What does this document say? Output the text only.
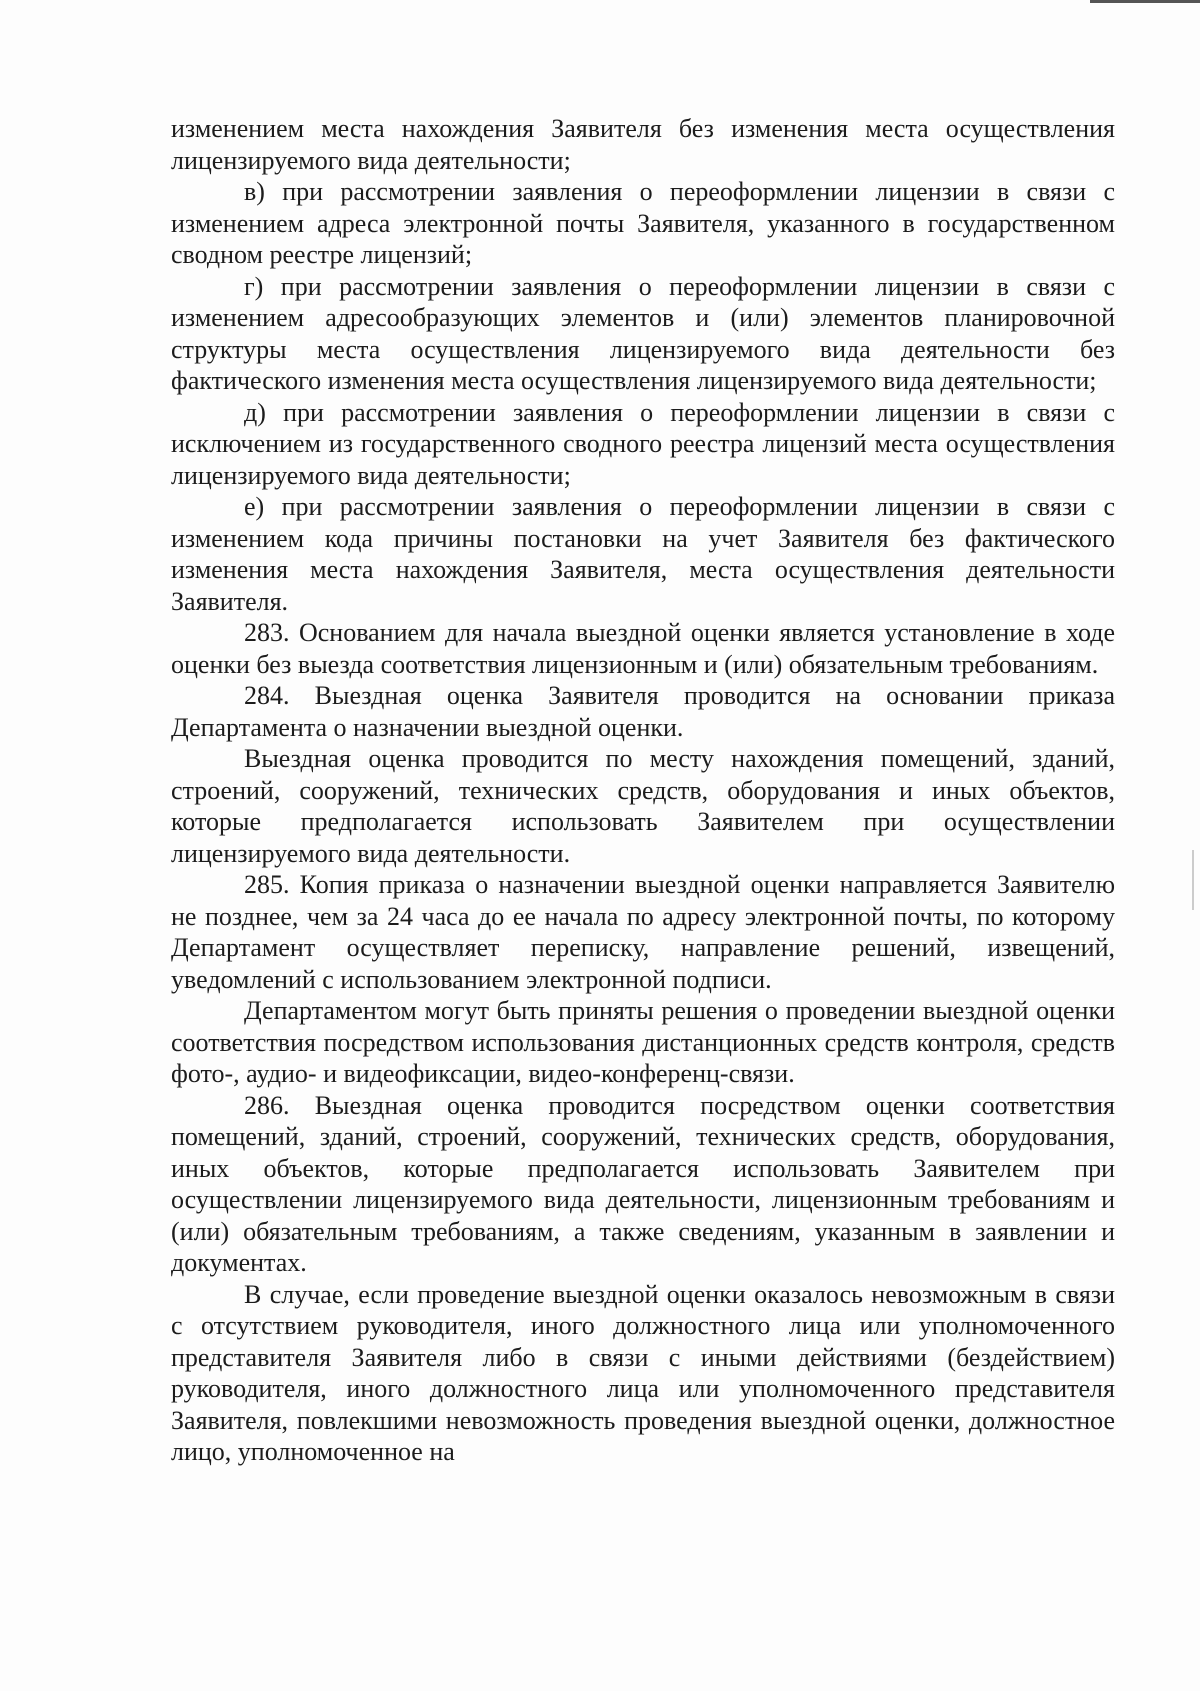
изменением места нахождения Заявителя без изменения места осуществления лицензируемого вида деятельности;

в) при рассмотрении заявления о переоформлении лицензии в связи с изменением адреса электронной почты Заявителя, указанного в государственном сводном реестре лицензий;

г) при рассмотрении заявления о переоформлении лицензии в связи с изменением адресообразующих элементов и (или) элементов планировочной структуры места осуществления лицензируемого вида деятельности без фактического изменения места осуществления лицензируемого вида деятельности;

д) при рассмотрении заявления о переоформлении лицензии в связи с исключением из государственного сводного реестра лицензий места осуществления лицензируемого вида деятельности;

е) при рассмотрении заявления о переоформлении лицензии в связи с изменением кода причины постановки на учет Заявителя без фактического изменения места нахождения Заявителя, места осуществления деятельности Заявителя.

283. Основанием для начала выездной оценки является установление в ходе оценки без выезда соответствия лицензионным и (или) обязательным требованиям.

284. Выездная оценка Заявителя проводится на основании приказа Департамента о назначении выездной оценки.

Выездная оценка проводится по месту нахождения помещений, зданий, строений, сооружений, технических средств, оборудования и иных объектов, которые предполагается использовать Заявителем при осуществлении лицензируемого вида деятельности.

285. Копия приказа о назначении выездной оценки направляется Заявителю не позднее, чем за 24 часа до ее начала по адресу электронной почты, по которому Департамент осуществляет переписку, направление решений, извещений, уведомлений с использованием электронной подписи.

Департаментом могут быть приняты решения о проведении выездной оценки соответствия посредством использования дистанционных средств контроля, средств фото-, аудио- и видеофиксации, видео-конференц-связи.

286. Выездная оценка проводится посредством оценки соответствия помещений, зданий, строений, сооружений, технических средств, оборудования, иных объектов, которые предполагается использовать Заявителем при осуществлении лицензируемого вида деятельности, лицензионным требованиям и (или) обязательным требованиям, а также сведениям, указанным в заявлении и документах.

В случае, если проведение выездной оценки оказалось невозможным в связи с отсутствием руководителя, иного должностного лица или уполномоченного представителя Заявителя либо в связи с иными действиями (бездействием) руководителя, иного должностного лица или уполномоченного представителя Заявителя, повлекшими невозможность проведения выездной оценки, должностное лицо, уполномоченное на
